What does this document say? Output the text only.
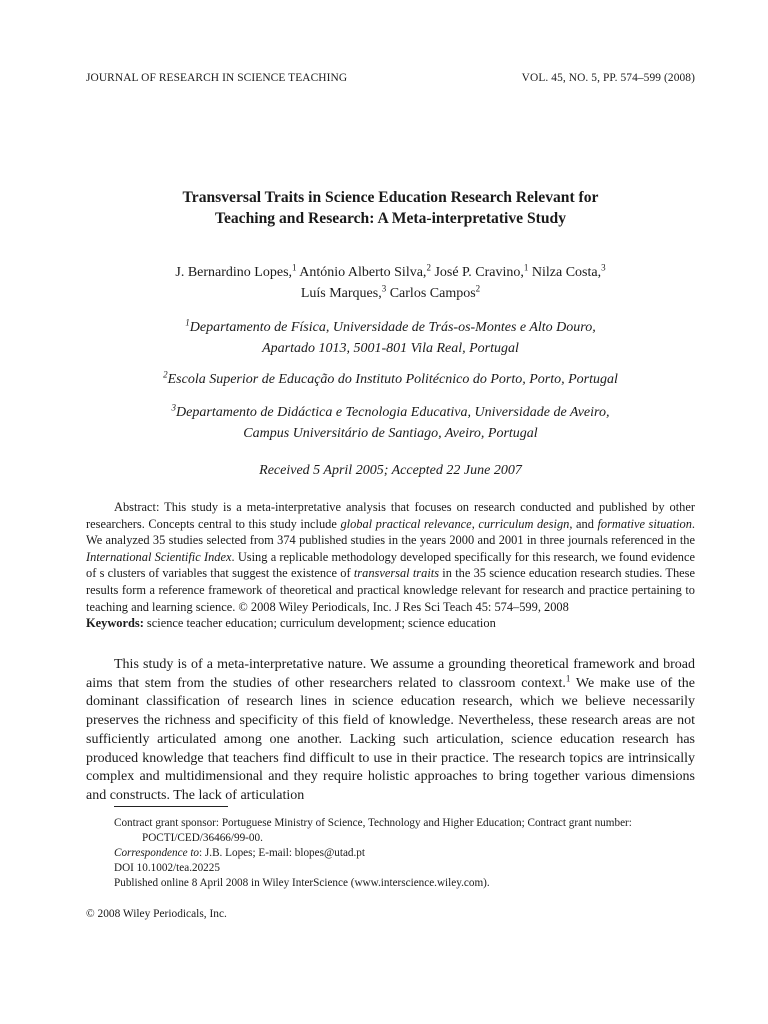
JOURNAL OF RESEARCH IN SCIENCE TEACHING	VOL. 45, NO. 5, PP. 574–599 (2008)
Transversal Traits in Science Education Research Relevant for
Teaching and Research: A Meta-interpretative Study
J. Bernardino Lopes,$^1$ António Alberto Silva,$^2$ José P. Cravino,$^1$ Nilza Costa,$^3$
Luís Marques,$^3$ Carlos Campos$^2$
$^1$Departamento de Física, Universidade de Trás-os-Montes e Alto Douro,
Apartado 1013, 5001-801 Vila Real, Portugal
$^2$Escola Superior de Educação do Instituto Politécnico do Porto, Porto, Portugal
$^3$Departamento de Didáctica e Tecnologia Educativa, Universidade de Aveiro,
Campus Universitário de Santiago, Aveiro, Portugal
Received 5 April 2005; Accepted 22 June 2007

Abstract: This study is a meta-interpretative analysis that focuses on research conducted and published by other researchers. Concepts central to this study include global practical relevance, curriculum design, and formative situation. We analyzed 35 studies selected from 374 published studies in the years 2000 and 2001 in three journals referenced in the International Scientific Index. Using a replicable methodology developed specifically for this research, we found evidence of s clusters of variables that suggest the existence of transversal traits in the 35 science education research studies. These results form a reference framework of theoretical and practical knowledge relevant for research and practice pertaining to teaching and learning science. © 2008 Wiley Periodicals, Inc. J Res Sci Teach 45: 574–599, 2008

Keywords: science teacher education; curriculum development; science education

This study is of a meta-interpretative nature. We assume a grounding theoretical framework and broad aims that stem from the studies of other researchers related to classroom context.$^1$ We make use of the dominant classification of research lines in science education research, which we believe necessarily preserves the richness and specificity of this field of knowledge. Nevertheless, these research areas are not sufficiently articulated among one another. Lacking such articulation, science education research has produced knowledge that teachers find difficult to use in their practice. The research topics are intrinsically complex and multidimensional and they require holistic approaches to bring together various dimensions and constructs. The lack of articulation

Contract grant sponsor: Portuguese Ministry of Science, Technology and Higher Education; Contract grant number:
POCTI/CED/36466/99-00.
Correspondence to: J.B. Lopes; E-mail: blopes@utad.pt
DOI 10.1002/tea.20225
Published online 8 April 2008 in Wiley InterScience (www.interscience.wiley.com).
© 2008 Wiley Periodicals, Inc.
